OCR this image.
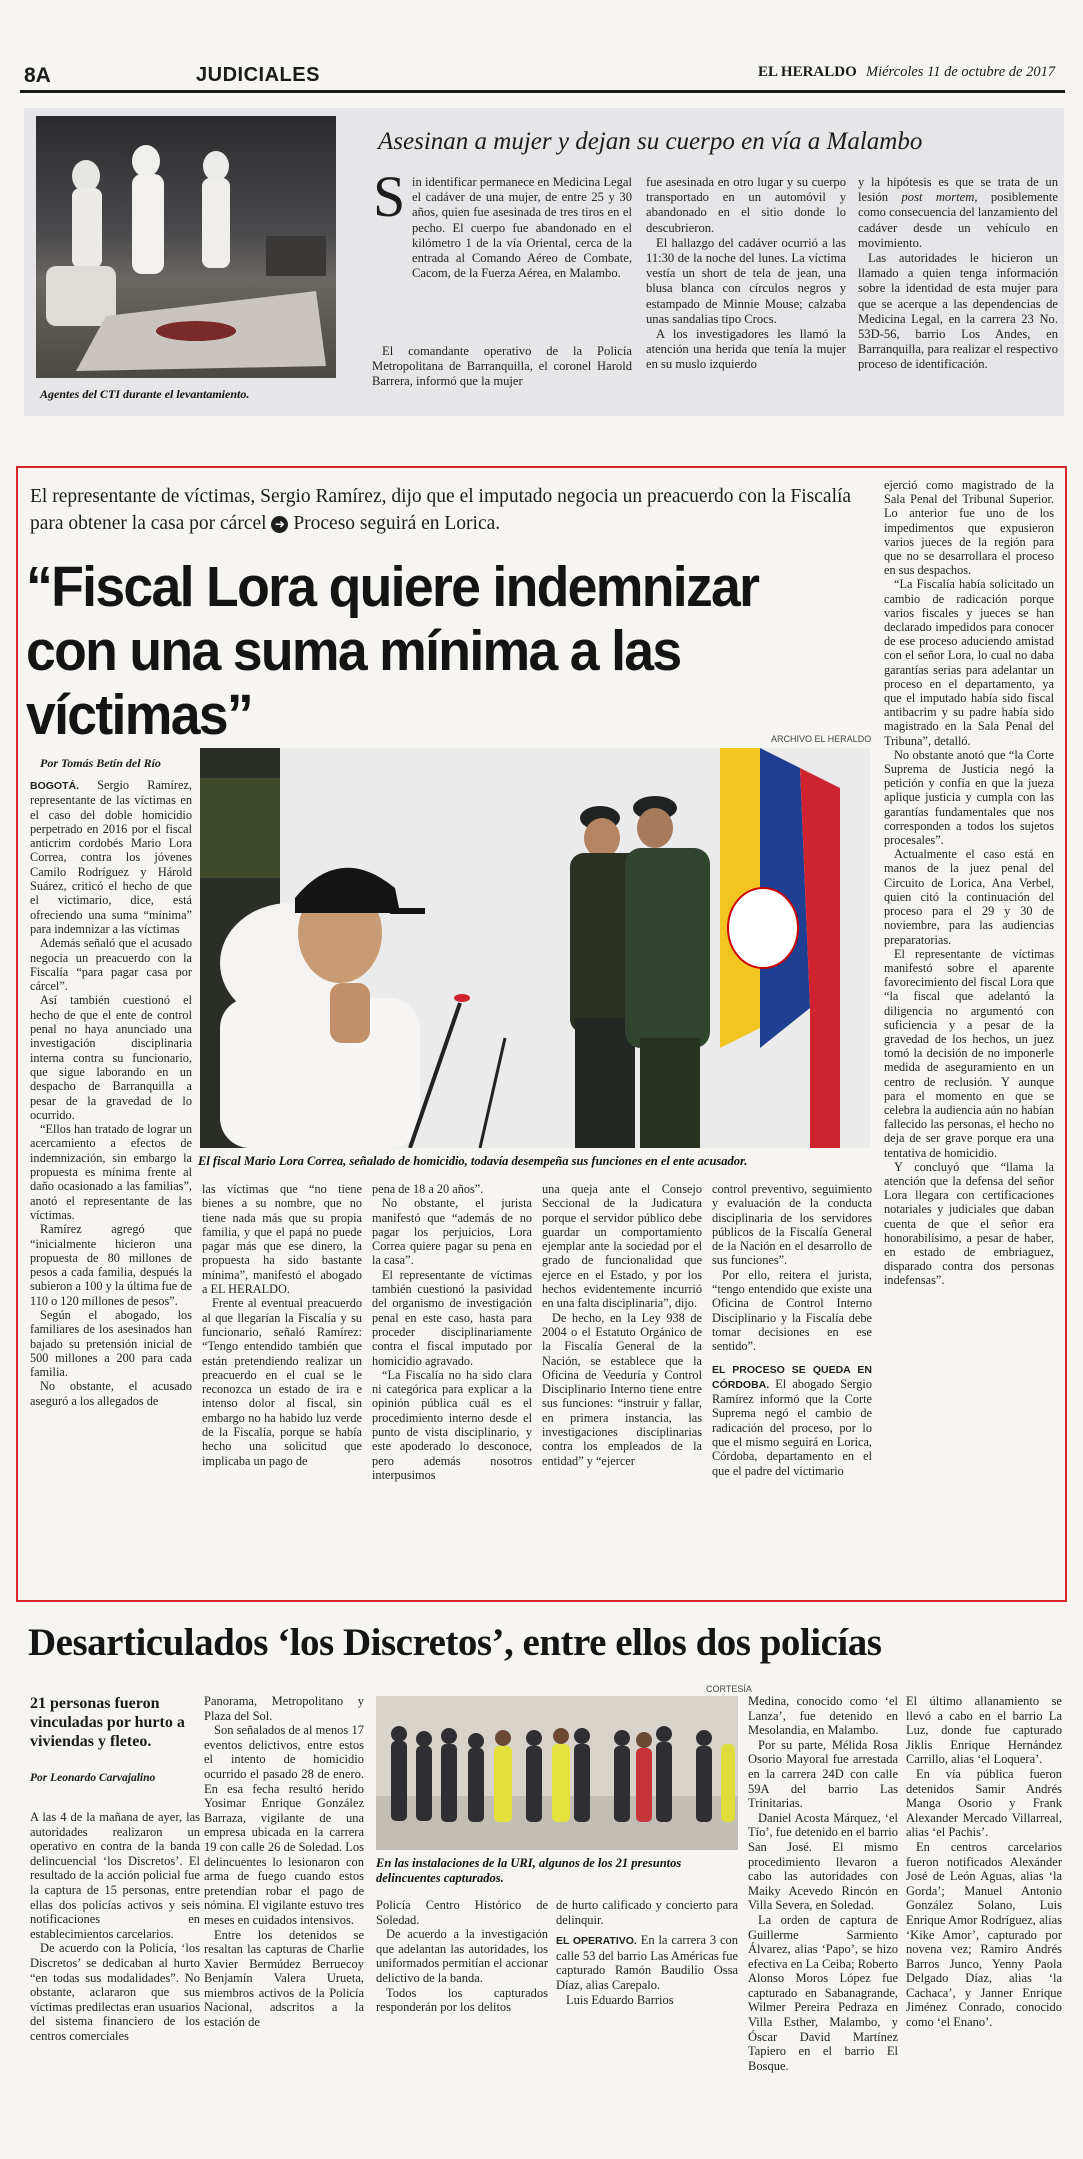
8A	JUDICIALES	EL HERALDO Miércoles 11 de octubre de 2017
Agentes del CTI durante el levantamiento.
Asesinan a mujer y dejan su cuerpo en vía a Malambo
S in identificar permanece en Medicina Legal el cadáver de una mujer, de entre 25 y 30 años, quien fue asesinada de tres tiros en el pecho. El cuerpo fue abandonado en el kilómetro 1 de la vía Oriental, cerca de la entrada al Comando Aéreo de Combate, Cacom, de la Fuerza Aérea, en Malambo.

El comandante operativo de la Policía Metropolitana de Barranquilla, el coronel Harold Barrera, informó que la mujer

fue asesinada en otro lugar y su cuerpo transportado en un automóvil y abandonado en el sitio donde lo descubrieron.

El hallazgo del cadáver ocurrió a las 11:30 de la noche del lunes. La víctima vestía un short de tela de jean, una blusa blanca con círculos negros y estampado de Minnie Mouse; calzaba unas sandalias tipo Crocs.

A los investigadores les llamó la atención una herida que tenía la mujer en su muslo izquierdo

y la hipótesis es que se trata de un lesión post mortem, posiblemente como consecuencia del lanzamiento del cadáver desde un vehículo en movimiento.

Las autoridades le hicieron un llamado a quien tenga información sobre la identidad de esta mujer para que se acerque a las dependencias de Medicina Legal, en la carrera 23 No. 53D-56, barrio Los Andes, en Barranquilla, para realizar el respectivo proceso de identificación.

El representante de víctimas, Sergio Ramírez, dijo que el imputado negocia un preacuerdo con la Fiscalía para obtener la casa por cárcel ➜ Proceso seguirá en Lorica.
“Fiscal Lora quiere indemnizar con una suma mínima a las víctimas”
Por Tomás Betín del Río
ARCHIVO EL HERALDO
El fiscal Mario Lora Correa, señalado de homicidio, todavía desempeña sus funciones en el ente acusador.

BOGOTÁ. Sergio Ramírez, representante de las víctimas en el caso del doble homicidio perpetrado en 2016 por el fiscal anticrim cordobés Mario Lora Correa, contra los jóvenes Camilo Rodríguez y Hárold Suárez, criticó el hecho de que el victimario, dice, está ofreciendo una suma “mínima” para indemnizar a las víctimas

Además señaló que el acusado negocia un preacuerdo con la Fiscalía “para pagar casa por cárcel”.

Así también cuestionó el hecho de que el ente de control penal no haya anunciado una investigación disciplinaria interna contra su funcionario, que sigue laborando en un despacho de Barranquilla a pesar de la gravedad de lo ocurrido.

“Ellos han tratado de lograr un acercamiento a efectos de indemnización, sin embargo la propuesta es mínima frente al daño ocasionado a las familias”, anotó el representante de las víctimas.

Ramírez agregó que “inicialmente hicieron una propuesta de 80 millones de pesos a cada familia, después la subieron a 100 y la última fue de 110 o 120 millones de pesos”.

Según el abogado, los familiares de los asesinados han bajado su pretensión inicial de 500 millones a 200 para cada familia.

No obstante, el acusado aseguró a los allegados de

las víctimas que “no tiene bienes a su nombre, que no tiene nada más que su propia familia, y que el papá no puede pagar más que ese dinero, la propuesta ha sido bastante mínima”, manifestó el abogado a EL HERALDO.

Frente al eventual preacuerdo al que llegarían la Fiscalía y su funcionario, señaló Ramírez: “Tengo entendido también que están pretendiendo realizar un preacuerdo en el cual se le reconozca un estado de ira e intenso dolor al fiscal, sin embargo no ha habido luz verde de la Fiscalía, porque se había hecho una solicitud que implicaba un pago de

pena de 18 a 20 años”.

No obstante, el jurista manifestó que “además de no pagar los perjuicios, Lora Correa quiere pagar su pena en la casa”.

El representante de víctimas también cuestionó la pasividad del organismo de investigación penal en este caso, hasta para proceder disciplinariamente contra el fiscal imputado por homicidio agravado.

“La Fiscalía no ha sido clara ni categórica para explicar a la opinión pública cuál es el procedimiento interno desde el punto de vista disciplinario, y este apoderado lo desconoce, pero además nosotros interpusimos

una queja ante el Consejo Seccional de la Judicatura porque el servidor público debe guardar un comportamiento ejemplar ante la sociedad por el grado de funcionalidad que ejerce en el Estado, y por los hechos evidentemente incurrió en una falta disciplinaria”, dijo.

De hecho, en la Ley 938 de 2004 o el Estatuto Orgánico de la Fiscalía General de la Nación, se establece que la Oficina de Veeduría y Control Disciplinario Interno tiene entre sus funciones: “instruir y fallar, en primera instancia, las investigaciones disciplinarias contra los empleados de la entidad” y “ejercer

control preventivo, seguimiento y evaluación de la conducta disciplinaria de los servidores públicos de la Fiscalía General de la Nación en el desarrollo de sus funciones”.

Por ello, reitera el jurista, “tengo entendido que existe una Oficina de Control Interno Disciplinario y la Fiscalía debe tomar decisiones en ese sentido”.

EL PROCESO SE QUEDA EN CÓRDOBA. El abogado Sergio Ramírez informó que la Corte Suprema negó el cambio de radicación del proceso, por lo que el mismo seguirá en Lorica, Córdoba, departamento en el que el padre del victimario

ejerció como magistrado de la Sala Penal del Tribunal Superior. Lo anterior fue uno de los impedimentos que expusieron varios jueces de la región para que no se desarrollara el proceso en sus despachos.

“La Fiscalía había solicitado un cambio de radicación porque varios fiscales y jueces se han declarado impedidos para conocer de ese proceso aduciendo amistad con el señor Lora, lo cual no daba garantías serias para adelantar un proceso en el departamento, ya que el imputado había sido fiscal antibacrim y su padre había sido magistrado en la Sala Penal del Tribuna”, detalló.

No obstante anotó que “la Corte Suprema de Justicia negó la petición y confía en que la jueza aplique justicia y cumpla con las garantías fundamentales que nos corresponden a todos los sujetos procesales”.

Actualmente el caso está en manos de la juez penal del Circuito de Lorica, Ana Verbel, quien citó la continuación del proceso para el 29 y 30 de noviembre, para las audiencias preparatorias.

El representante de víctimas manifestó sobre el aparente favorecimiento del fiscal Lora que “la fiscal que adelantó la diligencia no argumentó con suficiencia y a pesar de la gravedad de los hechos, un juez tomó la decisión de no imponerle medida de aseguramiento en un centro de reclusión. Y aunque para el momento en que se celebra la audiencia aún no habían fallecido las personas, el hecho no deja de ser grave porque era una tentativa de homicidio.

Y concluyó que “llama la atención que la defensa del señor Lora llegara con certificaciones notariales y judiciales que daban cuenta de que el señor era honorabilísimo, a pesar de haber, en estado de embriaguez, disparado contra dos personas indefensas”.

Desarticulados ‘los Discretos’, entre ellos dos policías
21 personas fueron vinculadas por hurto a viviendas y fleteo.
Por Leonardo Carvajalino

A las 4 de la mañana de ayer, las autoridades realizaron un operativo en contra de la banda delincuencial ‘los Discretos’. El resultado de la acción policial fue la captura de 15 personas, entre ellas dos policías activos y seis notificaciones en establecimientos carcelarios.

De acuerdo con la Policía, ‘los Discretos’ se dedicaban al hurto “en todas sus modalidades”. No obstante, aclararon que sus víctimas predilectas eran usuarios del sistema financiero de los centros comerciales

Panorama, Metropolitano y Plaza del Sol.

Son señalados de al menos 17 eventos delictivos, entre estos el intento de homicidio ocurrido el pasado 28 de enero. En esa fecha resultó herido Yosimar Enrique González Barraza, vigilante de una empresa ubicada en la carrera 19 con calle 26 de Soledad. Los delincuentes lo lesionaron con arma de fuego cuando estos pretendían robar el pago de nómina. El vigilante estuvo tres meses en cuidados intensivos.

Entre los detenidos se resaltan las capturas de Charlie Xavier Bermúdez Berruecoy Benjamín Valera Urueta, miembros activos de la Policía Nacional, adscritos a la estación de

CORTESÍA
En las instalaciones de la URI, algunos de los 21 presuntos delincuentes capturados.

Policía Centro Histórico de Soledad.

De acuerdo a la investigación que adelantan las autoridades, los uniformados permitían el accionar delictivo de la banda.

Todos los capturados responderán por los delitos

de hurto calificado y concierto para delinquir.

EL OPERATIVO. En la carrera 3 con calle 53 del barrio Las Américas fue capturado Ramón Baudilio Ossa Díaz, alias Carepalo.

Luis Eduardo Barrios

Medina, conocido como ‘el Lanza’, fue detenido en Mesolandia, en Malambo.

Por su parte, Mélida Rosa Osorio Mayoral fue arrestada en la carrera 24D con calle 59A del barrio Las Trinitarias.

Daniel Acosta Márquez, ‘el Tío’, fue detenido en el barrio San José. El mismo procedimiento llevaron a cabo las autoridades con Maiky Acevedo Rincón en Villa Severa, en Soledad.

La orden de captura de Guillerme Sarmiento Álvarez, alias ‘Papo’, se hizo efectiva en La Ceiba; Roberto Alonso Moros López fue capturado en Sabanagrande, Wilmer Pereira Pedraza en Villa Esther, Malambo, y Óscar David Martínez Tapiero en el barrio El Bosque.

El último allanamiento se llevó a cabo en el barrio La Luz, donde fue capturado Jiklis Enrique Hernández Carrillo, alias ‘el Loquera’.

En vía pública fueron detenidos Samir Andrés Manga Osorio y Frank Alexander Mercado Villarreal, alias ‘el Pachis’.

En centros carcelarios fueron notificados Alexánder José de León Aguas, alias ‘la Gorda’; Manuel Antonio González Solano, Luis Enrique Amor Rodríguez, alias ‘Kike Amor’, capturado por novena vez; Ramiro Andrés Barros Junco, Yenny Paola Delgado Díaz, alias ‘la Cachaca’, y Janner Enrique Jiménez Conrado, conocido como ‘el Enano’.
